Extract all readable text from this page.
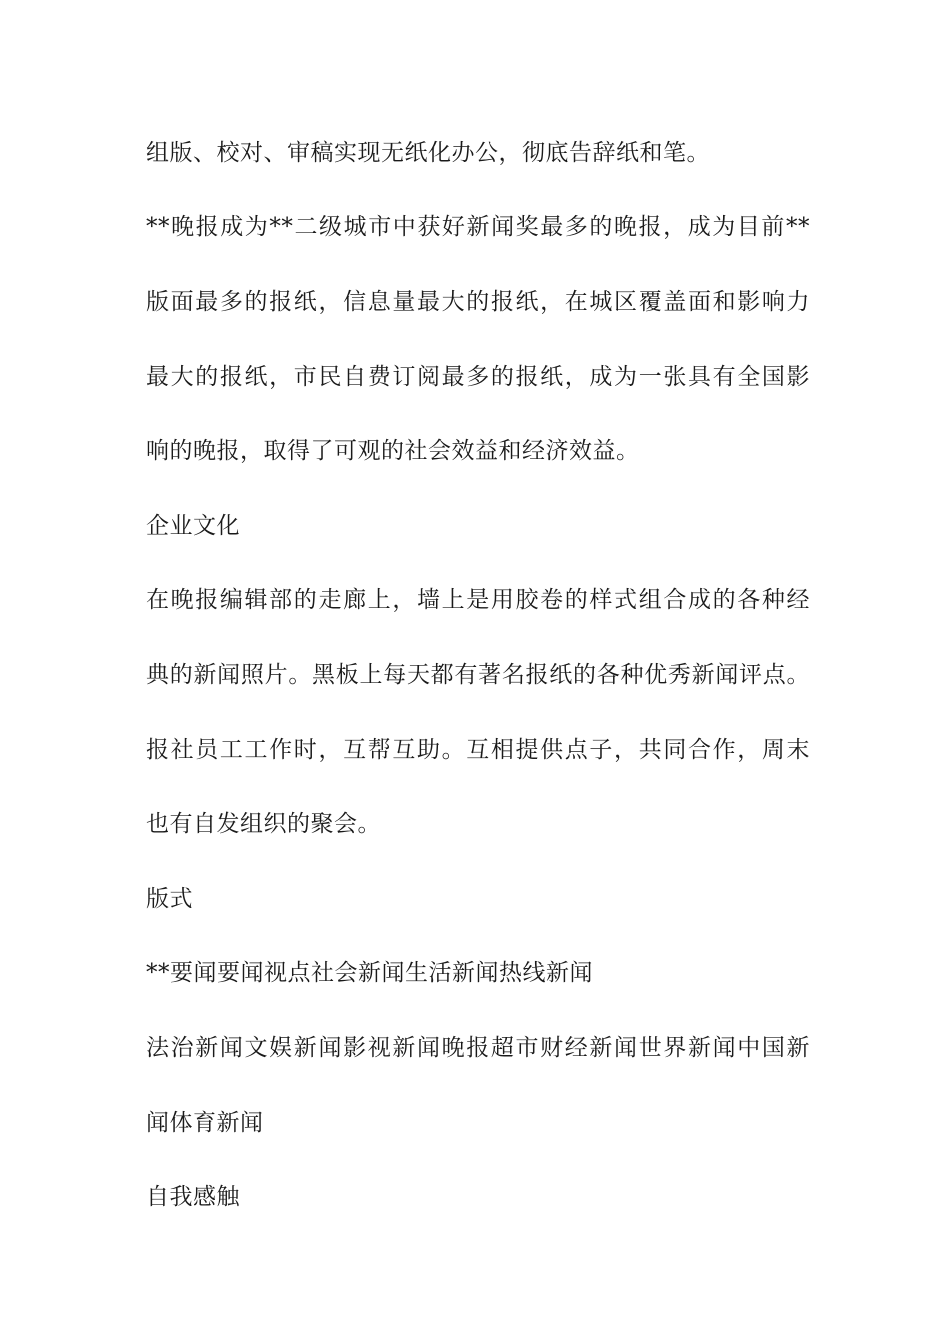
组版、校对、审稿实现无纸化办公，彻底告辞纸和笔。
**晚报成为**二级城市中获好新闻奖最多的晚报，成为目前**
版面最多的报纸，信息量最大的报纸，在城区覆盖面和影响力
最大的报纸，市民自费订阅最多的报纸，成为一张具有全国影
响的晚报，取得了可观的社会效益和经济效益。
企业文化
在晚报编辑部的走廊上，墙上是用胶卷的样式组合成的各种经
典的新闻照片。黑板上每天都有著名报纸的各种优秀新闻评点。
报社员工工作时，互帮互助。互相提供点子，共同合作，周末
也有自发组织的聚会。
版式
**要闻要闻视点社会新闻生活新闻热线新闻
法治新闻文娱新闻影视新闻晚报超市财经新闻世界新闻中国新
闻体育新闻
自我感触
